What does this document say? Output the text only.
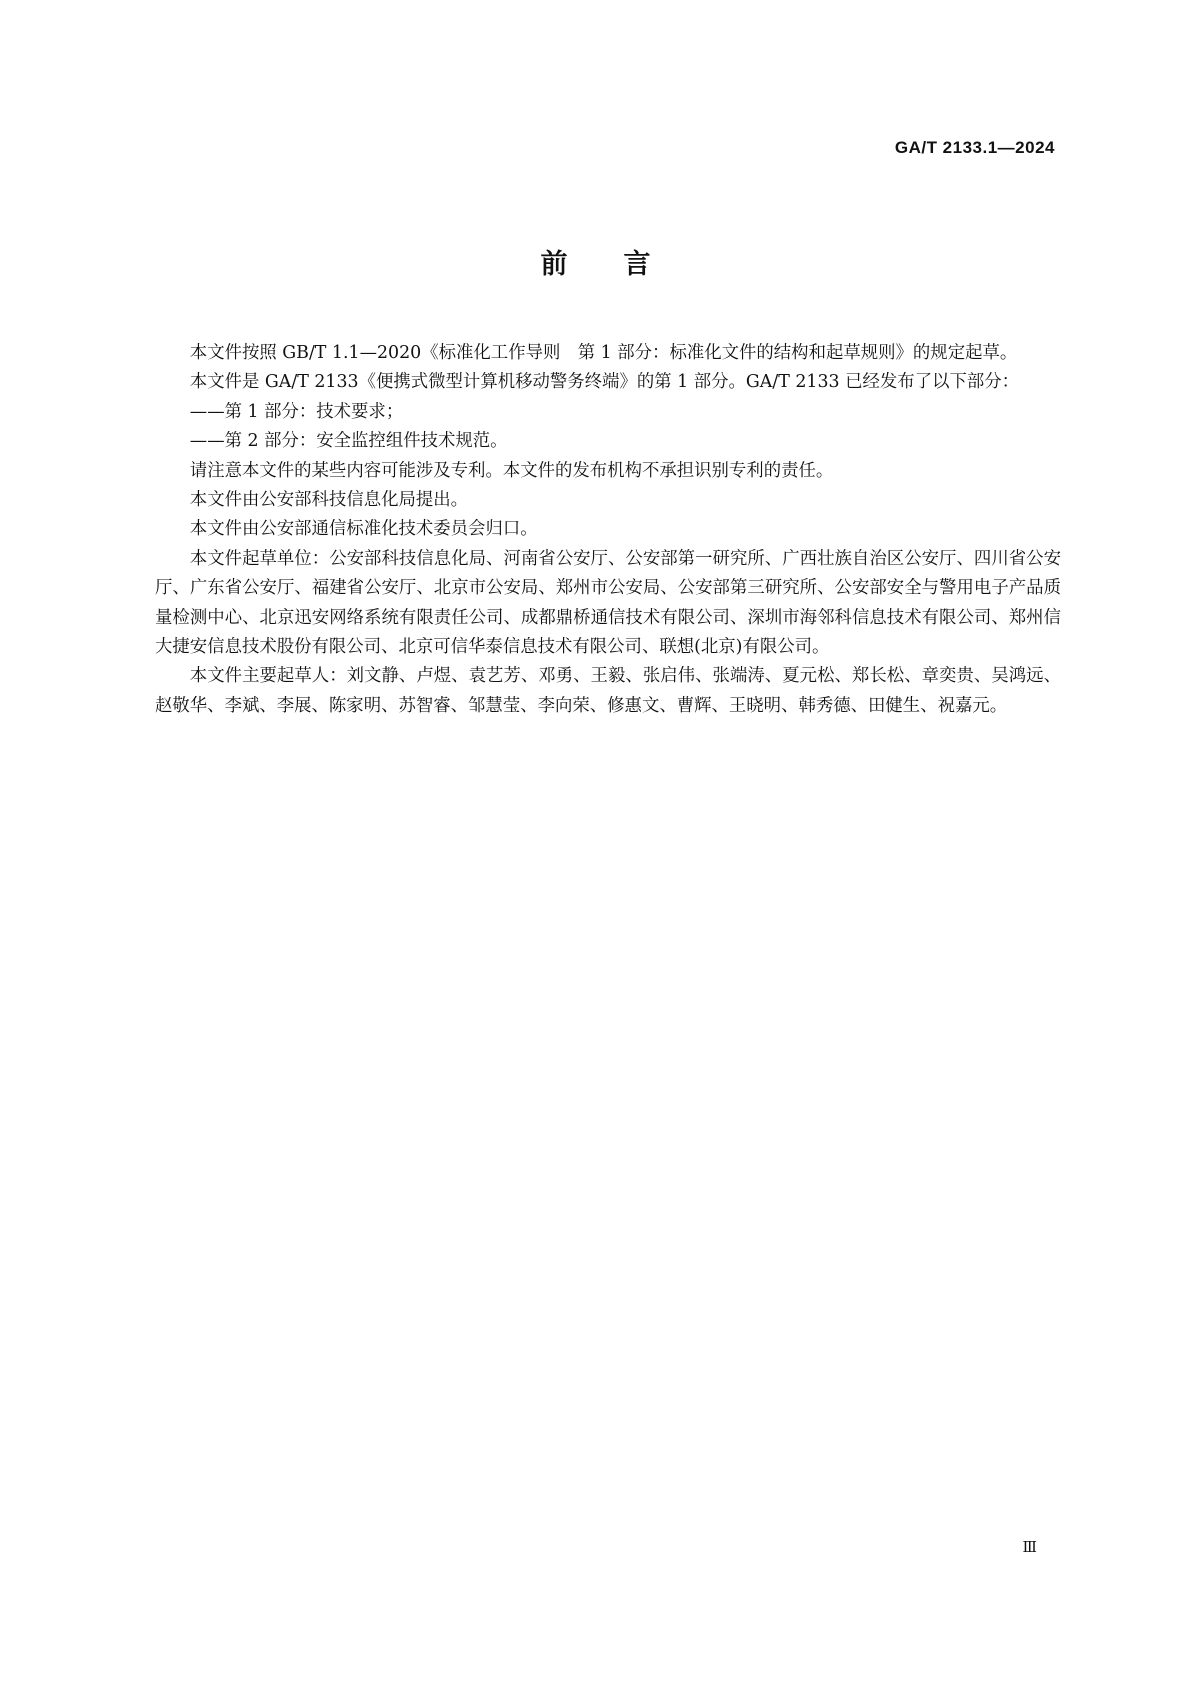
GA/T 2133.1—2024
前言

本文件按照 GB/T 1.1—2020《标准化工作导则　第 1 部分：标准化文件的结构和起草规则》的规定起草。

本文件是 GA/T 2133《便携式微型计算机移动警务终端》的第 1 部分。GA/T 2133 已经发布了以下部分：

——第 1 部分：技术要求；

——第 2 部分：安全监控组件技术规范。

请注意本文件的某些内容可能涉及专利。本文件的发布机构不承担识别专利的责任。

本文件由公安部科技信息化局提出。

本文件由公安部通信标准化技术委员会归口。

本文件起草单位：公安部科技信息化局、河南省公安厅、公安部第一研究所、广西壮族自治区公安厅、四川省公安厅、广东省公安厅、福建省公安厅、北京市公安局、郑州市公安局、公安部第三研究所、公安部安全与警用电子产品质量检测中心、北京迅安网络系统有限责任公司、成都鼎桥通信技术有限公司、深圳市海邻科信息技术有限公司、郑州信大捷安信息技术股份有限公司、北京可信华泰信息技术有限公司、联想(北京)有限公司。

本文件主要起草人：刘文静、卢煜、袁艺芳、邓勇、王毅、张启伟、张端涛、夏元松、郑长松、章奕贵、吴鸿远、赵敬华、李斌、李展、陈家明、苏智睿、邹慧莹、李向荣、修惠文、曹辉、王晓明、韩秀德、田健生、祝嘉元。

Ⅲ
